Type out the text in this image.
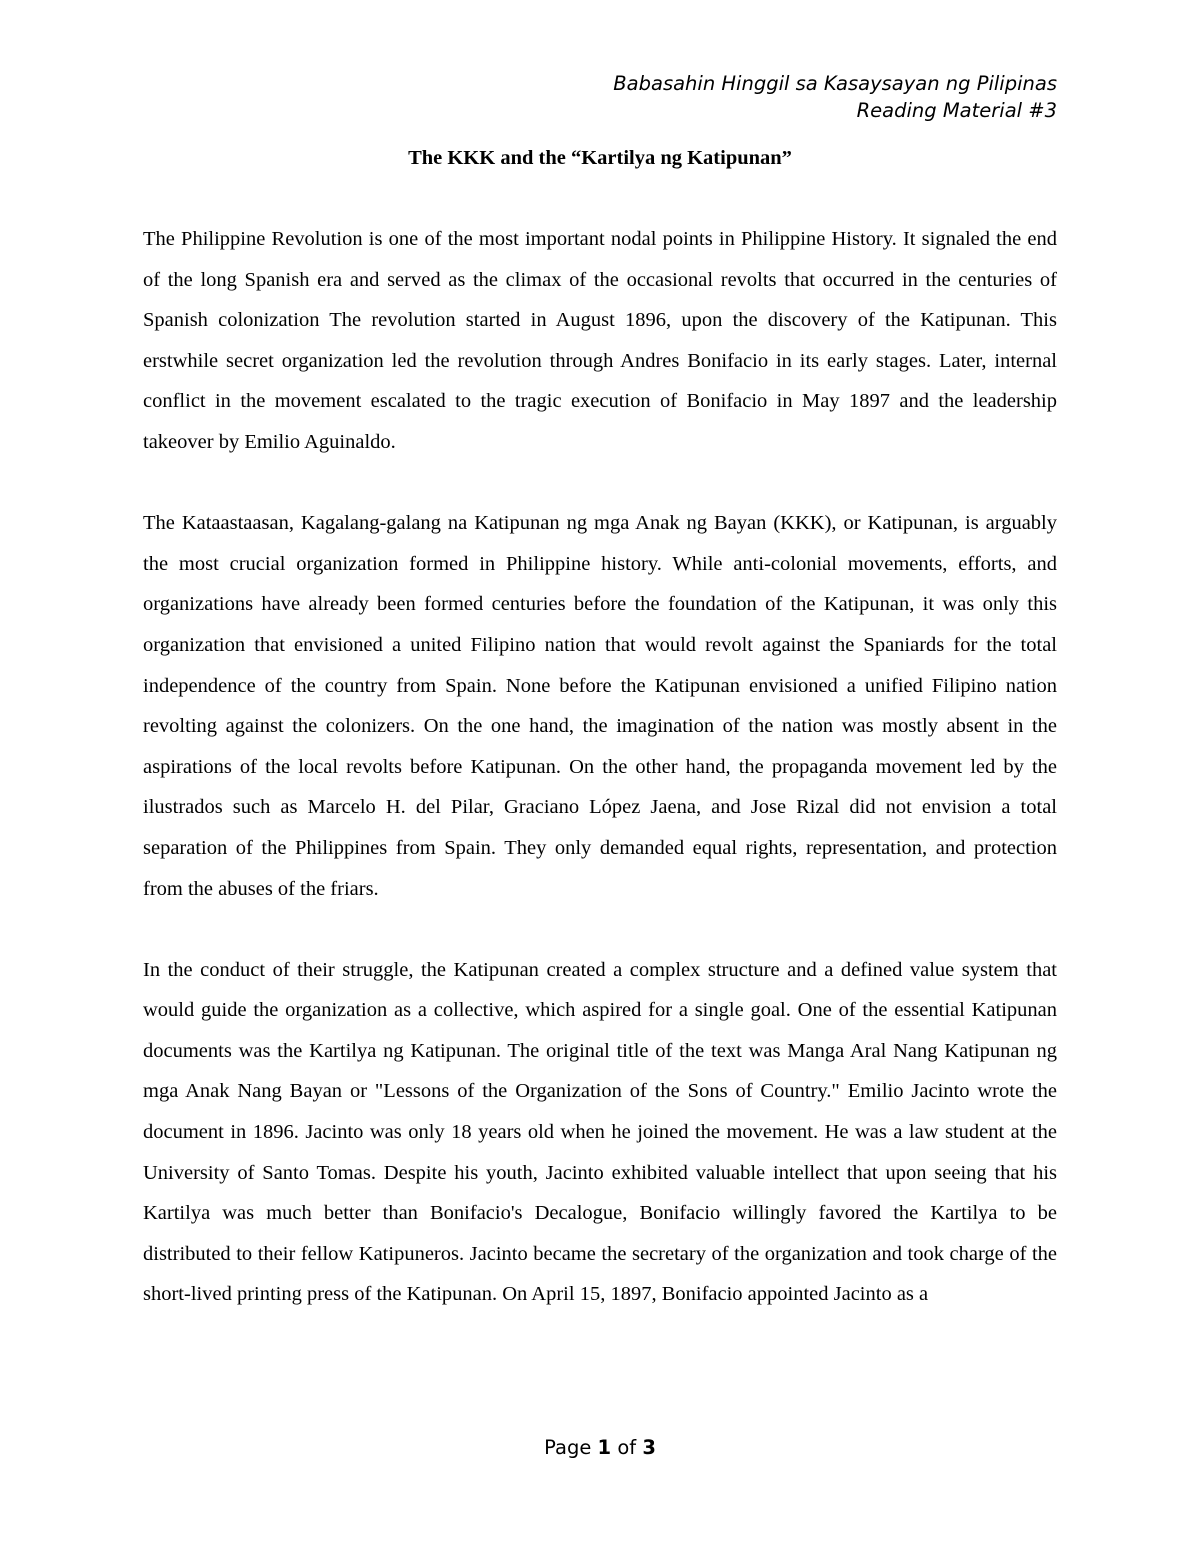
Babasahin Hinggil sa Kasaysayan ng Pilipinas
Reading Material #3
The KKK and the “Kartilya ng Katipunan”

The Philippine Revolution is one of the most important nodal points in Philippine History. It signaled the end of the long Spanish era and served as the climax of the occasional revolts that occurred in the centuries of Spanish colonization The revolution started in August 1896, upon the discovery of the Katipunan. This erstwhile secret organization led the revolution through Andres Bonifacio in its early stages. Later, internal conflict in the movement escalated to the tragic execution of Bonifacio in May 1897 and the leadership takeover by Emilio Aguinaldo.

The Kataastaasan, Kagalang-galang na Katipunan ng mga Anak ng Bayan (KKK), or Katipunan, is arguably the most crucial organization formed in Philippine history. While anti-colonial movements, efforts, and organizations have already been formed centuries before the foundation of the Katipunan, it was only this organization that envisioned a united Filipino nation that would revolt against the Spaniards for the total independence of the country from Spain. None before the Katipunan envisioned a unified Filipino nation revolting against the colonizers. On the one hand, the imagination of the nation was mostly absent in the aspirations of the local revolts before Katipunan. On the other hand, the propaganda movement led by the ilustrados such as Marcelo H. del Pilar, Graciano López Jaena, and Jose Rizal did not envision a total separation of the Philippines from Spain. They only demanded equal rights, representation, and protection from the abuses of the friars.

In the conduct of their struggle, the Katipunan created a complex structure and a defined value system that would guide the organization as a collective, which aspired for a single goal. One of the essential Katipunan documents was the Kartilya ng Katipunan. The original title of the text was Manga Aral Nang Katipunan ng mga Anak Nang Bayan or "Lessons of the Organization of the Sons of Country." Emilio Jacinto wrote the document in 1896. Jacinto was only 18 years old when he joined the movement. He was a law student at the University of Santo Tomas. Despite his youth, Jacinto exhibited valuable intellect that upon seeing that his Kartilya was much better than Bonifacio's Decalogue, Bonifacio willingly favored the Kartilya to be distributed to their fellow Katipuneros. Jacinto became the secretary of the organization and took charge of the short-lived printing press of the Katipunan. On April 15, 1897, Bonifacio appointed Jacinto as a

Page 1 of 3
